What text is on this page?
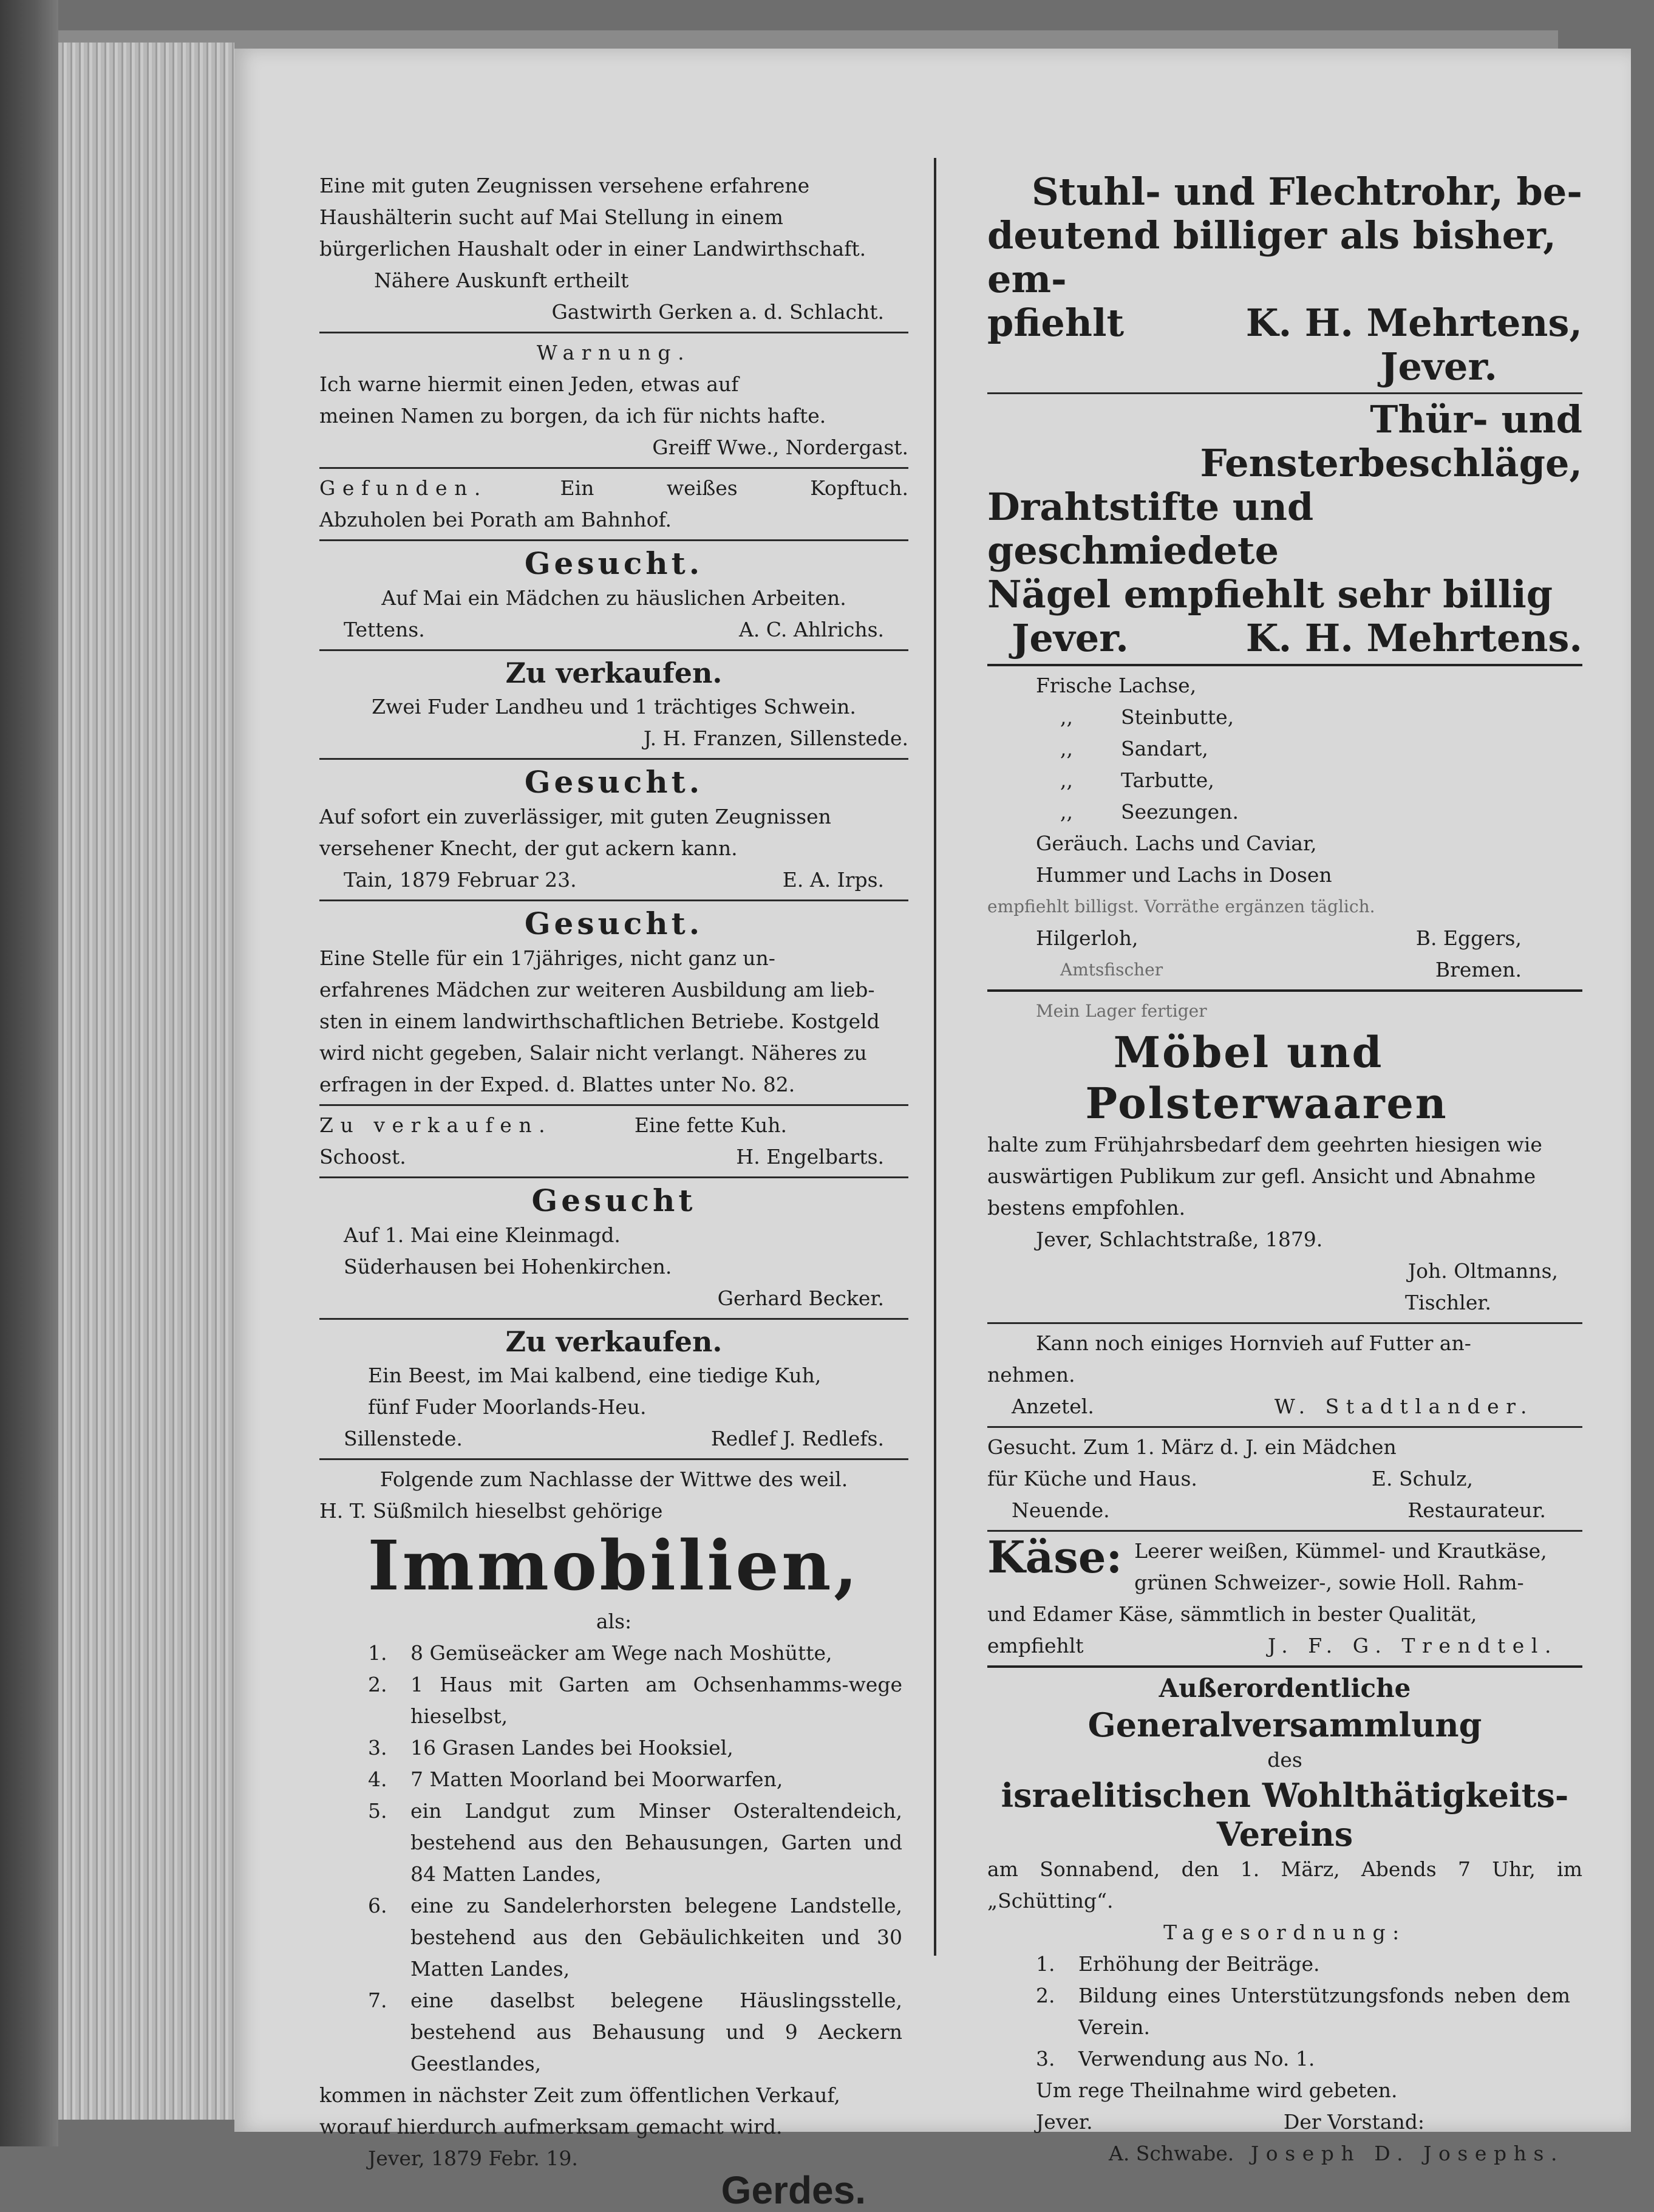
Eine mit guten Zeugnissen versehene erfahrene

Haushälterin sucht auf Mai Stellung in einem

bürgerlichen Haushalt oder in einer Landwirthschaft.

Nähere Auskunft ertheilt

Gastwirth Gerken a. d. Schlacht.

Warnung.

Ich warne hiermit einen Jeden, etwas auf

meinen Namen zu borgen, da ich für nichts hafte.

Greiff Wwe., Nordergast.

Gefunden.	Ein	weißes	Kopftuch.

Abzuholen bei Porath am Bahnhof.

Gesucht.

Auf Mai ein Mädchen zu häuslichen Arbeiten.

Tettens.	A. C. Ahlrichs.

Zu verkaufen.

Zwei Fuder Landheu und 1 trächtiges Schwein.

J. H. Franzen, Sillenstede.

Gesucht.

Auf sofort ein zuverlässiger, mit guten Zeugnissen

versehener Knecht, der gut ackern kann.

Tain, 1879 Februar 23.	E. A. Irps.

Gesucht.

Eine Stelle für ein 17jähriges, nicht ganz un-

erfahrenes Mädchen zur weiteren Ausbildung am lieb-

sten in einem landwirthschaftlichen Betriebe. Kostgeld

wird nicht gegeben, Salair nicht verlangt. Näheres zu

erfragen in der Exped. d. Blattes unter No. 82.

Zu verkaufen.	Eine fette Kuh.
Schoost.	H. Engelbarts.

Gesucht

Auf 1. Mai eine Kleinmagd.

Süderhausen bei Hohenkirchen.

Gerhard Becker.

Zu verkaufen.

Ein Beest, im Mai kalbend, eine tiedige Kuh,

fünf Fuder Moorlands-Heu.

Sillenstede.	Redlef J. Redlefs.

Folgende zum Nachlasse der Wittwe des weil.

H. T. Süßmilch hieselbst gehörige

Immobilien,

als:

1.	8 Gemüseäcker am Wege nach Moshütte,
2.	1 Haus mit Garten am Ochsenhamms-wege hieselbst,
3.	16 Grasen Landes bei Hooksiel,
4.	7 Matten Moorland bei Moorwarfen,
5.	ein Landgut zum Minser Osteraltendeich, bestehend aus den Behausungen, Garten und 84 Matten Landes,
6.	eine zu Sandelerhorsten belegene Landstelle, bestehend aus den Gebäulichkeiten und 30 Matten Landes,
7.	eine daselbst belegene Häuslingsstelle, bestehend aus Behausung und 9 Aeckern Geestlandes,

kommen in nächster Zeit zum öffentlichen Verkauf,

worauf hierdurch aufmerksam gemacht wird.

Jever, 1879 Febr. 19.

Gerdes.

Stuhl- und Flechtrohr, be-

deutend billiger als bisher, em-

pfiehlt	K. H. Mehrtens,

Jever.

Thür- und Fensterbeschläge,

Drahtstifte und geschmiedete

Nägel empfiehlt sehr billig

Jever.	K. H. Mehrtens.

Frische Lachse,

,, Steinbutte,

,, Sandart,

,, Tarbutte,

,, Seezungen.

Geräuch. Lachs und Caviar,

Hummer und Lachs in Dosen

empfiehlt billigst. Vorräthe ergänzen täglich.

Hilgerloh,	B. Eggers,
Amtsfischer	Bremen.

Mein Lager fertiger

Möbel und

Polsterwaaren

halte zum Frühjahrsbedarf dem geehrten hiesigen wie

auswärtigen Publikum zur gefl. Ansicht und Abnahme

bestens empfohlen.

Jever, Schlachtstraße, 1879.

Joh. Oltmanns,

Tischler.

Kann noch einiges Hornvieh auf Futter an-

nehmen.

Anzetel.	W. Stadtlander.

Gesucht. Zum 1. März d. J. ein Mädchen

für Küche und Haus.	E. Schulz,
Neuende.	Restaurateur.
Käse: Leerer weißen, Kümmel- und Krautkäse,

grünen Schweizer-, sowie Holl. Rahm-

und Edamer Käse, sämmtlich in bester Qualität,

empfiehlt	J. F. G. Trendtel.

Außerordentliche

Generalversammlung

des

israelitischen Wohlthätigkeits-

Vereins

am Sonnabend, den 1. März, Abends 7 Uhr, im „Schütting“.

Tagesordnung:

1.	Erhöhung der Beiträge.
2.	Bildung eines Unterstützungsfonds neben dem Verein.
3.	Verwendung aus No. 1.

Um rege Theilnahme wird gebeten.

Jever.	Der Vorstand:
A. Schwabe. Joseph D. Josephs.
